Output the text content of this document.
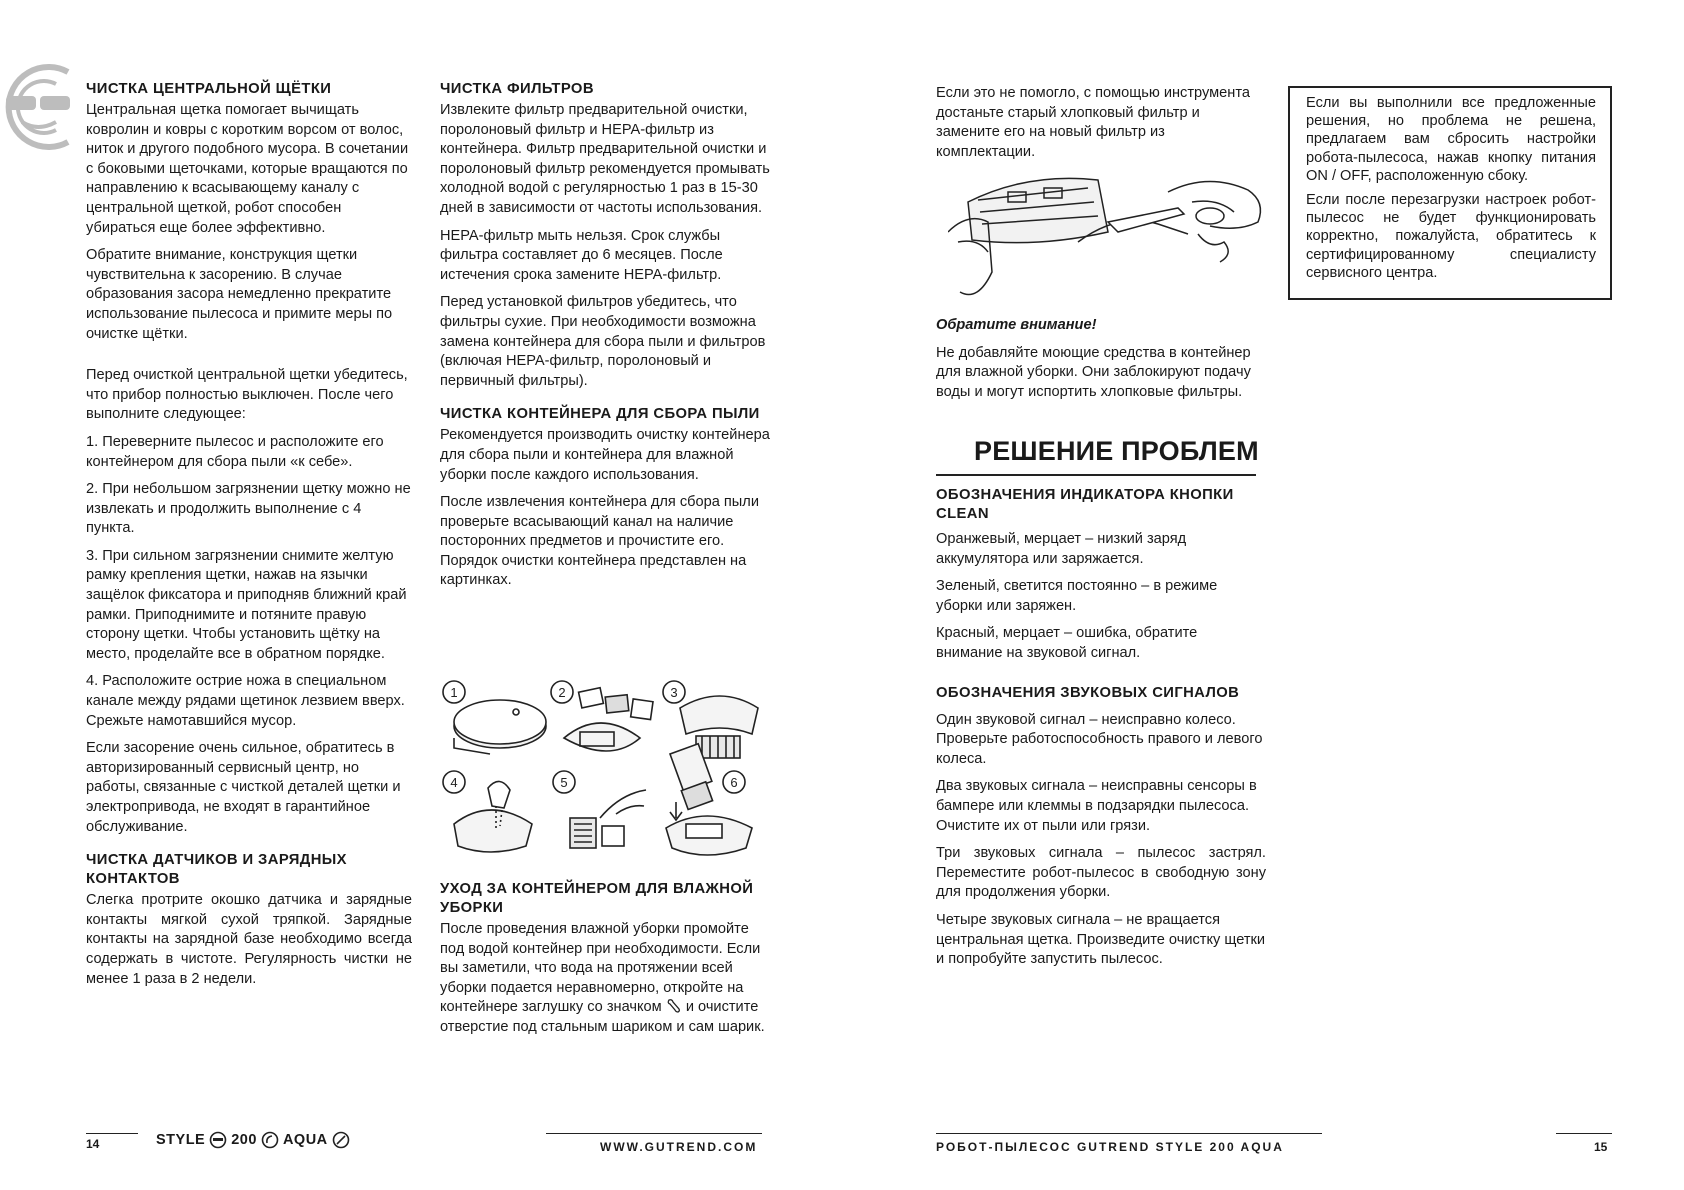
ЧИСТКА ЦЕНТРАЛЬНОЙ ЩЁТКИ

Центральная щетка помогает вычищать ковролин и ковры с коротким ворсом от волос, ниток и другого подобного мусора. В сочетании с боковыми щеточками, которые вращаются по направлению к всасывающему каналу с центральной щеткой, робот способен убираться еще более эффективно.

Обратите внимание, конструкция щетки чувствительна к засорению. В случае образования засора немедленно прекратите использование пылесоса и примите меры по очистке щётки.

Перед очисткой центральной щетки убедитесь, что прибор полностью выключен. После чего выполните следующее:

1. Переверните пылесос и расположите его контейнером для сбора пыли «к себе».

2. При небольшом загрязнении щетку можно не извлекать и продолжить выполнение с 4 пункта.

3. При сильном загрязнении снимите желтую рамку крепления щетки, нажав на язычки защёлок фиксатора и приподняв ближний край рамки. Приподнимите и потяните правую сторону щетки. Чтобы установить щётку на место, проделайте все в обратном порядке.

4. Расположите острие ножа в специальном канале между рядами щетинок лезвием вверх. Срежьте намотавшийся мусор.

Если засорение очень сильное, обратитесь в авторизированный сервисный центр, но работы, связанные с чисткой деталей щетки и электропривода, не входят в гарантийное обслуживание.

ЧИСТКА ДАТЧИКОВ И ЗАРЯДНЫХ КОНТАКТОВ

Слегка протрите окошко датчика и зарядные контакты мягкой сухой тряпкой. Зарядные контакты на зарядной базе необходимо всегда содержать в чистоте. Регулярность чистки не менее 1 раза в 2 недели.

ЧИСТКА ФИЛЬТРОВ

Извлеките фильтр предварительной очистки, поролоновый фильтр и HEPA-фильтр из контейнера. Фильтр предварительной очистки и поролоновый фильтр рекомендуется промывать холодной водой с регулярностью 1 раз в 15-30 дней в зависимости от частоты использования.

HEPA-фильтр мыть нельзя. Срок службы фильтра составляет до 6 месяцев. После истечения срока замените HEPA-фильтр.

Перед установкой фильтров убедитесь, что фильтры сухие. При необходимости возможна замена контейнера для сбора пыли и фильтров (включая HEPA-фильтр, поролоновый и первичный фильтры).

ЧИСТКА КОНТЕЙНЕРА ДЛЯ СБОРА ПЫЛИ

Рекомендуется производить очистку контейнера для сбора пыли и контейнера для влажной уборки после каждого использования.

После извлечения контейнера для сбора пыли проверьте всасывающий канал на наличие посторонних предметов и прочистите его. Порядок очистки контейнера представлен на картинках.

1	2	3
4	5	6
УХОД ЗА КОНТЕЙНЕРОМ ДЛЯ ВЛАЖНОЙ УБОРКИ

После проведения влажной уборки промойте под водой контейнер при необходимости. Если вы заметили, что вода на протяжении всей уборки подается неравномерно, откройте на контейнере заглушку со значком  и очистите отверстие под стальным шариком и сам шарик.

14	STYLE 200 AQUA	WWW.GUTREND.COM

Если это не помогло, с помощью инструмента достаньте старый хлопковый фильтр и замените его на новый фильтр из комплектации.

Обратите внимание!

Не добавляйте моющие средства в контейнер для влажной уборки. Они заблокируют подачу воды и могут испортить хлопковые фильтры.

РЕШЕНИЕ ПРОБЛЕМ
ОБОЗНАЧЕНИЯ ИНДИКАТОРА КНОПКИ CLEAN

Оранжевый, мерцает – низкий заряд аккумулятора или заряжается.

Зеленый, светится постоянно – в режиме уборки или заряжен.

Красный, мерцает – ошибка, обратите внимание на звуковой сигнал.

ОБОЗНАЧЕНИЯ ЗВУКОВЫХ СИГНАЛОВ

Один звуковой сигнал – неисправно колесо. Проверьте работоспособность правого и левого колеса.

Два звуковых сигнала – неисправны сенсоры в бампере или клеммы в подзарядки пылесоса. Очистите их от пыли или грязи.

Три звуковых сигнала – пылесос застрял. Переместите робот-пылесос в свободную зону для продолжения уборки.

Четыре звуковых сигнала – не вращается центральная щетка. Произведите очистку щетки и попробуйте запустить пылесос.

Если вы выполнили все предложенные решения, но проблема не решена, предлагаем вам сбросить настройки робота-пылесоса, нажав кнопку питания ON / OFF, расположенную сбоку.

Если после перезагрузки настроек робот-пылесос не будет функционировать корректно, пожалуйста, обратитесь к сертифицированному специалисту сервисного центра.

РОБОТ-ПЫЛЕСОС GUTREND STYLE 200 AQUA	15
